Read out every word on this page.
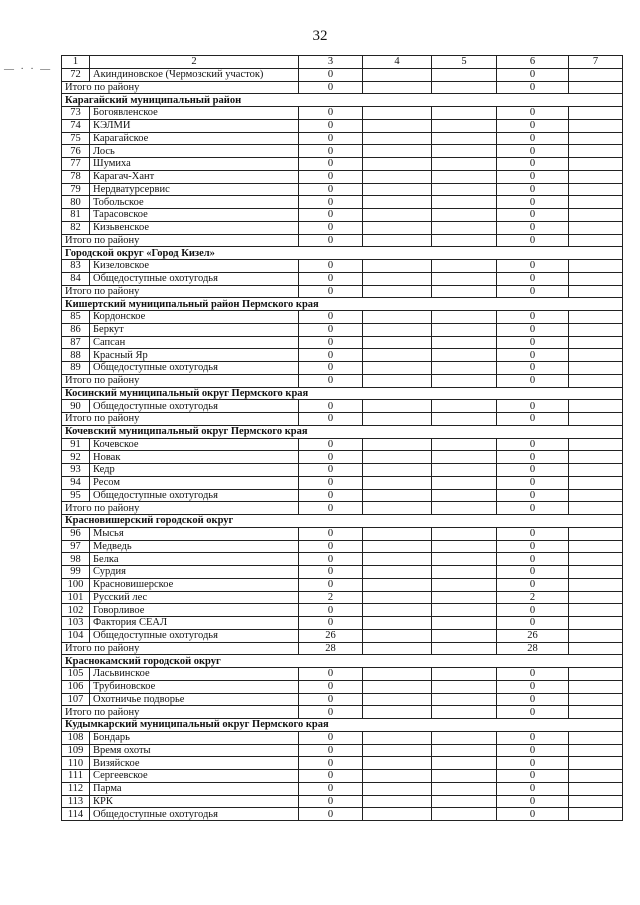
32
— · · —
1	2	3	4	5	6	7
72	Акиндиновское (Чермозский участок)	0			0	
Итого по району		0			0	
Карагайский муниципальный район						
73	Богоявленское	0			0	
74	КЭЛМИ	0			0	
75	Карагайское	0			0	
76	Лось	0			0	
77	Шумиха	0			0	
78	Карагач-Хант	0			0	
79	Нердватурсервис	0			0	
80	Тобольское	0			0	
81	Тарасовское	0			0	
82	Кизьвенское	0			0	
Итого по району		0			0	
Городской округ «Город Кизел»						
83	Кизеловское	0			0	
84	Общедоступные охотугодья	0			0	
Итого по району		0			0	
Кишертский муниципальный район Пермского края						
85	Кордонское	0			0	
86	Беркут	0			0	
87	Сапсан	0			0	
88	Красный Яр	0			0	
89	Общедоступные охотугодья	0			0	
Итого по району		0			0	
Косинский муниципальный округ Пермского края						
90	Общедоступные охотугодья	0			0	
Итого по району		0			0	
Кочевский муниципальный округ Пермского края						
91	Кочевское	0			0	
92	Новак	0			0	
93	Кедр	0			0	
94	Ресом	0			0	
95	Общедоступные охотугодья	0			0	
Итого по району		0			0	
Красновишерский городской округ						
96	Мысья	0			0	
97	Медведь	0			0	
98	Белка	0			0	
99	Сурдия	0			0	
100	Красновишерское	0			0	
101	Русский лес	2			2	
102	Говорливое	0			0	
103	Фактория СЕАЛ	0			0	
104	Общедоступные охотугодья	26			26	
Итого по району		28			28	
Краснокамский городской округ						
105	Ласьвинское	0			0	
106	Трубиновское	0			0	
107	Охотничье подворье	0			0	
Итого по району		0			0	
Кудымкарский муниципальный округ Пермского края						
108	Бондарь	0			0	
109	Время охоты	0			0	
110	Визяйское	0			0	
111	Сергеевское	0			0	
112	Парма	0			0	
113	КРК	0			0	
114	Общедоступные охотугодья	0			0	
